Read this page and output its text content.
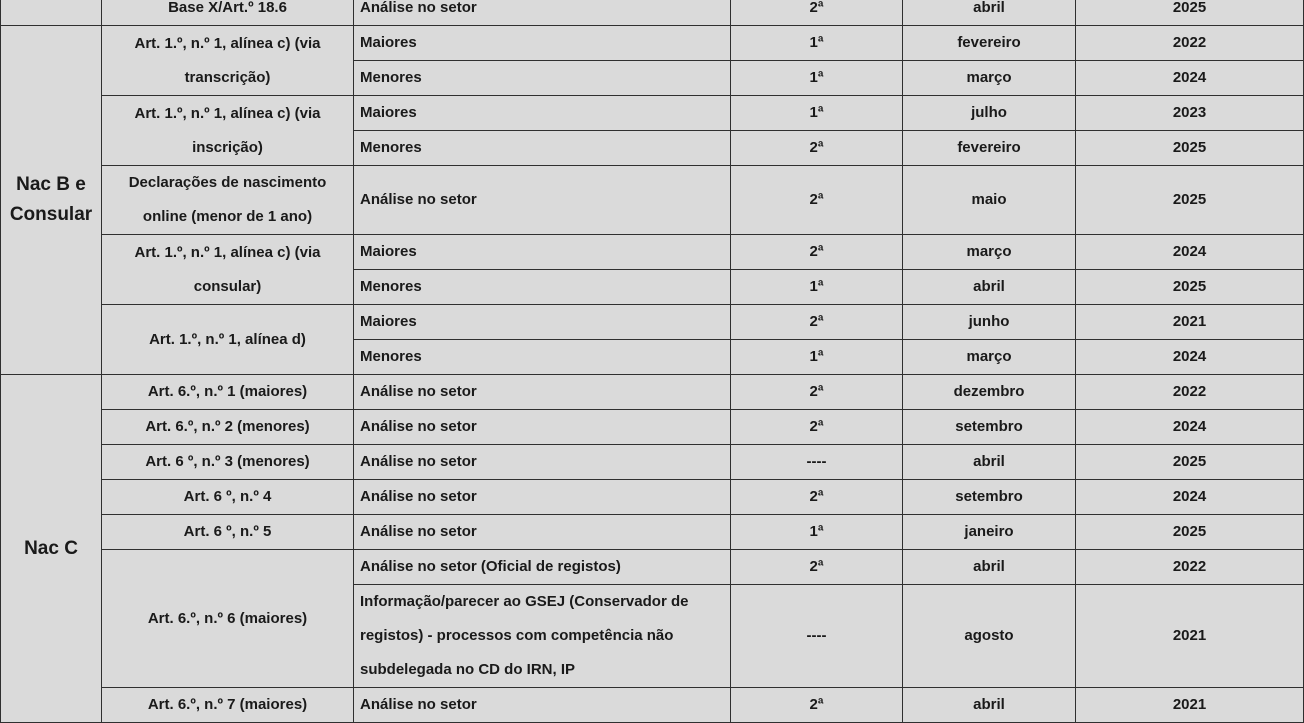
	Base X/Art.º 18.6	Análise no setor	2ª	abril	2025
Nac B e Consular	Art. 1.º, n.º 1, alínea c) (via transcrição)	Maiores	1ª	fevereiro	2022
		Menores	1ª	março	2024
	Art. 1.º, n.º 1, alínea c) (via inscrição)	Maiores	1ª	julho	2023
		Menores	2ª	fevereiro	2025
	Declarações de nascimento online (menor de 1 ano)	Análise no setor	2ª	maio	2025
	Art. 1.º, n.º 1, alínea c) (via consular)	Maiores	2ª	março	2024
		Menores	1ª	abril	2025
	Art. 1.º, n.º 1, alínea d)	Maiores	2ª	junho	2021
		Menores	1ª	março	2024
Nac C	Art. 6.º, n.º 1 (maiores)	Análise no setor	2ª	dezembro	2022
	Art. 6.º, n.º 2 (menores)	Análise no setor	2ª	setembro	2024
	Art. 6 º, n.º 3 (menores)	Análise no setor	----	abril	2025
	Art. 6 º, n.º 4	Análise no setor	2ª	setembro	2024
	Art. 6 º, n.º 5	Análise no setor	1ª	janeiro	2025
	Art. 6.º, n.º 6 (maiores)	Análise no setor (Oficial de registos)	2ª	abril	2022
		Informação/parecer ao GSEJ (Conservador de registos) - processos com competência não subdelegada no CD do IRN, IP	----	agosto	2021
	Art. 6.º, n.º 7 (maiores)	Análise no setor	2ª	abril	2021
